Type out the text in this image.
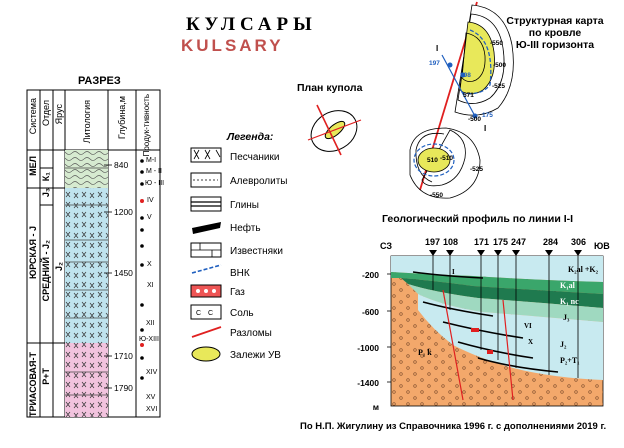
КУЛСАРЫ
KULSARY
РАЗРЕЗ
Система Отдел Ярус Литология	Глубина,м Продук-тивность
МЕЛ
ЮРСКАЯ - J
ТРИАСОВАЯ-Т
К₁
СРЕДНИЙ - J₂
J₃
Р+Т
J₂
840
1200
1450
1710
1790
М-I
М - II
Ю - III
IV
V
X
XI
XII
Ю-XIII
XIV
XV
XVI
Легенда:
C C
Песчаники
Алевролиты
Глины
Нефть
Известняки
ВНК
Газ
Соль
Разломы
Залежи УВ
План купола
Структурная карта
по кровле
Ю-III горизонта
197
108
175
-550
-500
-525
-500
-510
-525
-550
I
I
571
510
Геологический профиль по линии I-I
СЗ	ЮВ
197 108 171 175 247 284 306
-200
-600
-1000
-1400
м
K₂al +K₂
K₁al
K₁ nc
J₃
J₂
P₂+T₁
P₁ k
I
VI
X
По Н.П. Жигулину из Справочника 1996 г. с дополнениями 2019 г.
